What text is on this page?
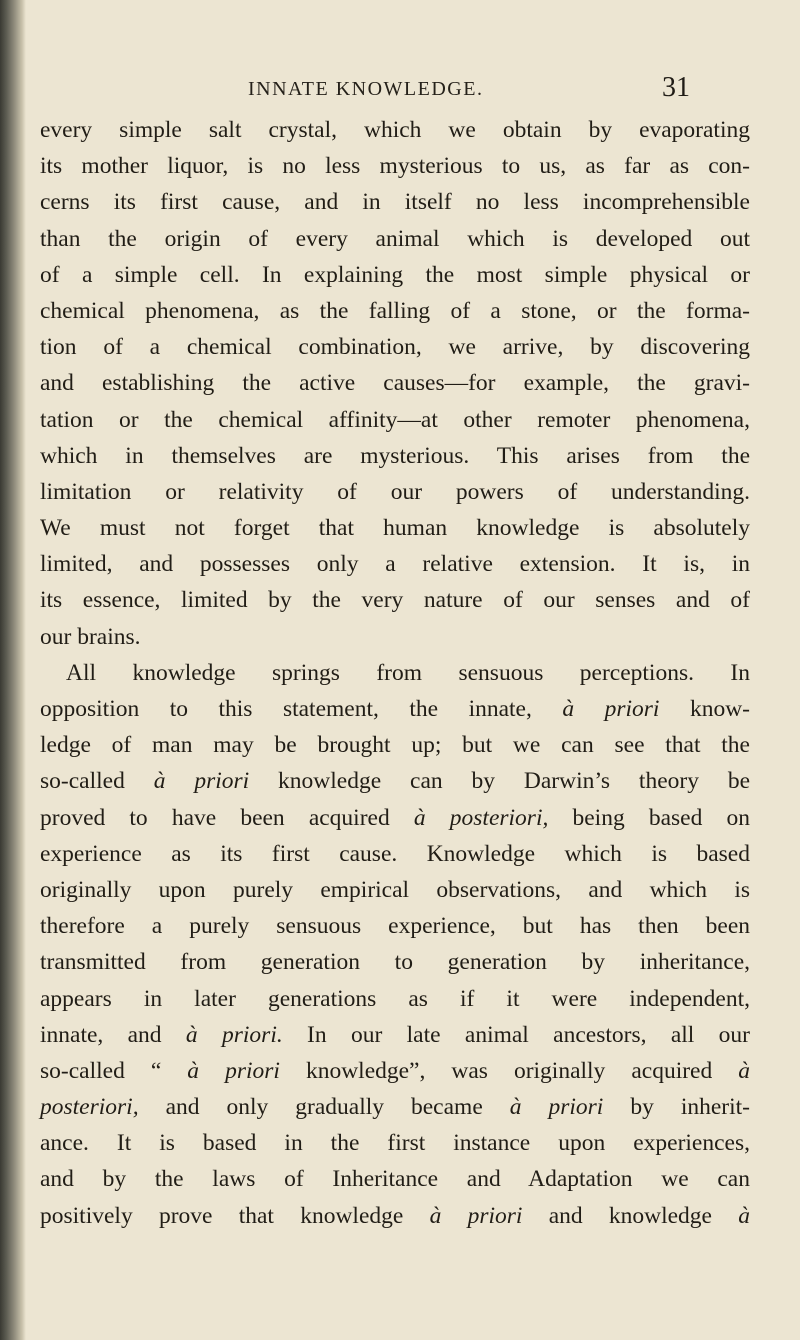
INNATE KNOWLEDGE.	31
every simple salt crystal, which we obtain by evaporating
its mother liquor, is no less mysterious to us, as far as con-
cerns its first cause, and in itself no less incomprehensible
than the origin of every animal which is developed out
of a simple cell. In explaining the most simple physical or
chemical phenomena, as the falling of a stone, or the forma-
tion of a chemical combination, we arrive, by discovering
and establishing the active causes—for example, the gravi-
tation or the chemical affinity—at other remoter phenomena,
which in themselves are mysterious. This arises from the
limitation or relativity of our powers of understanding.
We must not forget that human knowledge is absolutely
limited, and possesses only a relative extension. It is, in
its essence, limited by the very nature of our senses and of
our brains.
All knowledge springs from sensuous perceptions. In
opposition to this statement, the innate, à priori know-
ledge of man may be brought up; but we can see that the
so-called à priori knowledge can by Darwin’s theory be
proved to have been acquired à posteriori, being based on
experience as its first cause. Knowledge which is based
originally upon purely empirical observations, and which is
therefore a purely sensuous experience, but has then been
transmitted from generation to generation by inheritance,
appears in later generations as if it were independent,
innate, and à priori. In our late animal ancestors, all our
so-called “ à priori knowledge”, was originally acquired à
posteriori, and only gradually became à priori by inherit-
ance. It is based in the first instance upon experiences,
and by the laws of Inheritance and Adaptation we can
positively prove that knowledge à priori and knowledge à
